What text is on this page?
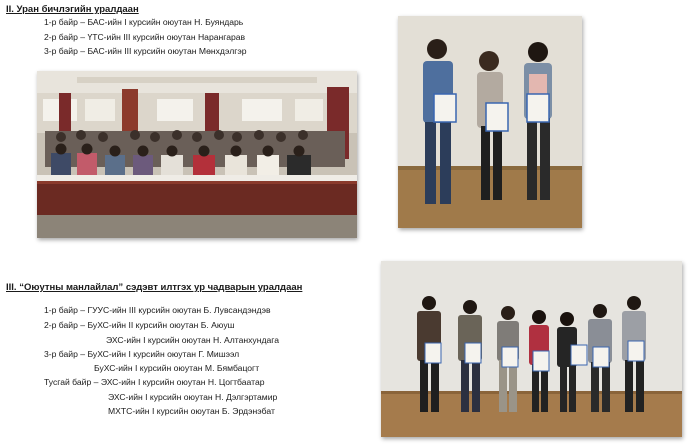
II. Уран бичлэгийн уралдаан
1-р байр – БАС-ийн I курсийн оюутан Н. Буяндарь
2-р байр – ҮТС-ийн III курсийн оюутан Нарангарав
3-р байр – БАС-ийн III курсийн оюутан Мөнхдэлгэр
III. “Оюутны манлайлал” сэдэвт илтгэх ур чадварын уралдаан
1-р байр – ГУУС-ийн III курсийн оюутан Б. Лувсандэндэв
2-р байр – БуХС-ийн II курсийн оюутан Б. Аюуш
ЭХС-ийн I курсийн оюутан Н. Алтанхундага
3-р байр – БуХС-ийн I курсийн оюутан Г. Мишээл
БуХС-ийн I курсийн оюутан М. Бямбацогт
Тусгай байр – ЭХС-ийн I курсийн оюутан Н. Цогтбаатар
ЭХС-ийн I курсийн оюутан Н. Дэлгэртамир
МХТС-ийн I курсийн оюутан Б. Эрдэнэбат
